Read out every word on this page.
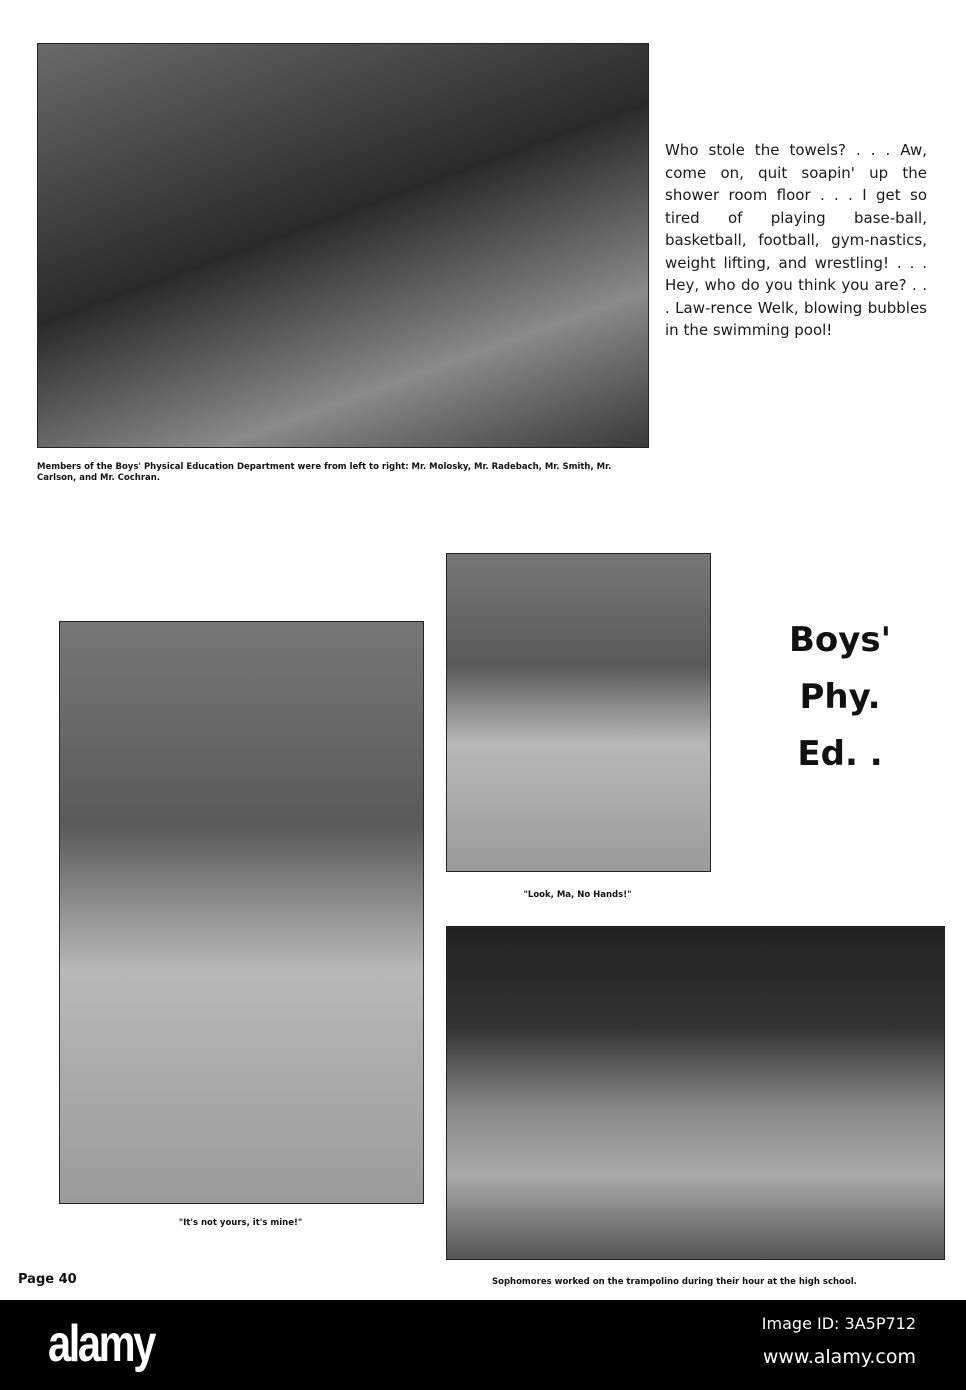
Who stole the towels? . . . Aw, come on, quit soapin' up the shower room floor . . . I get so tired of playing base-ball, basketball, football, gym-nastics, weight lifting, and wrestling! . . . Hey, who do you think you are? . . . Law-rence Welk, blowing bubbles in the swimming pool!
Members of the Boys' Physical Education Department were from left to right: Mr. Molosky, Mr. Radebach, Mr. Smith, Mr. Carlson, and Mr. Cochran.
Boys'
Phy.
Ed. .
"Look, Ma, No Hands!"
"It's not yours, it's mine!"
Sophomores worked on the trampolino during their hour at the high school.
Page 40
alamy	Image ID: 3A5P712
www.alamy.com
